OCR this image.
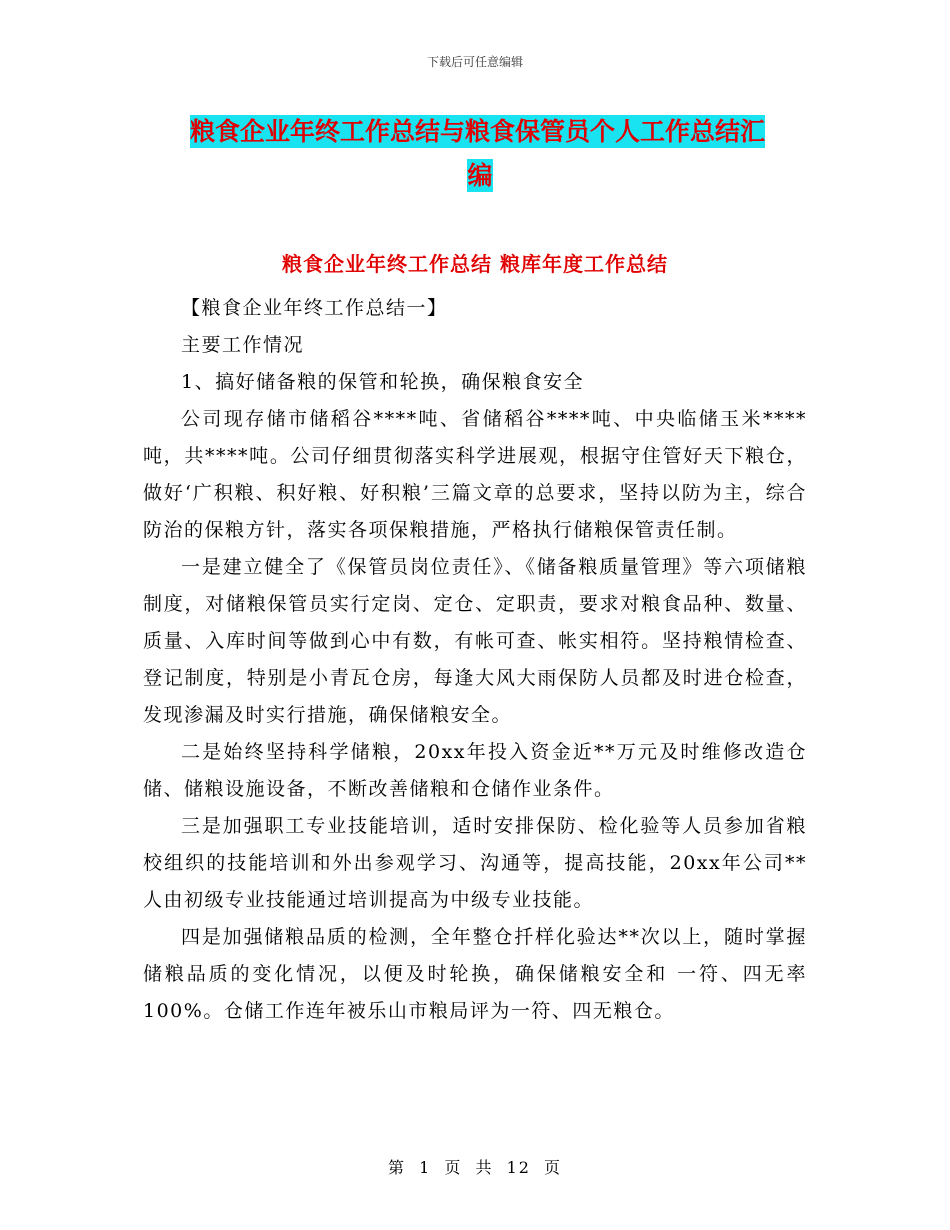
下载后可任意编辑
粮食企业年终工作总结与粮食保管员个人工作总结汇
编
粮食企业年终工作总结 粮库年度工作总结

【粮食企业年终工作总结一】

主要工作情况

1、搞好储备粮的保管和轮换，确保粮食安全

公司现存储市储稻谷****吨、省储稻谷****吨、中央临储玉米****吨，共****吨。公司仔细贯彻落实科学进展观，根据守住管好天下粮仓，做好‘广积粮、积好粮、好积粮’三篇文章的总要求，坚持以防为主，综合防治的保粮方针，落实各项保粮措施，严格执行储粮保管责任制。

一是建立健全了《保管员岗位责任》、《储备粮质量管理》等六项储粮制度，对储粮保管员实行定岗、定仓、定职责，要求对粮食品种、数量、质量、入库时间等做到心中有数，有帐可查、帐实相符。坚持粮情检查、登记制度，特别是小青瓦仓房，每逢大风大雨保防人员都及时进仓检查，发现渗漏及时实行措施，确保储粮安全。

二是始终坚持科学储粮，20xx年投入资金近**万元及时维修改造仓储、储粮设施设备，不断改善储粮和仓储作业条件。

三是加强职工专业技能培训，适时安排保防、检化验等人员参加省粮校组织的技能培训和外出参观学习、沟通等，提高技能，20xx年公司**人由初级专业技能通过培训提高为中级专业技能。

四是加强储粮品质的检测，全年整仓扦样化验达**次以上，随时掌握储粮品质的变化情况，以便及时轮换，确保储粮安全和 一符、四无率 100%。仓储工作连年被乐山市粮局评为一符、四无粮仓。

第 1 页 共 12 页
